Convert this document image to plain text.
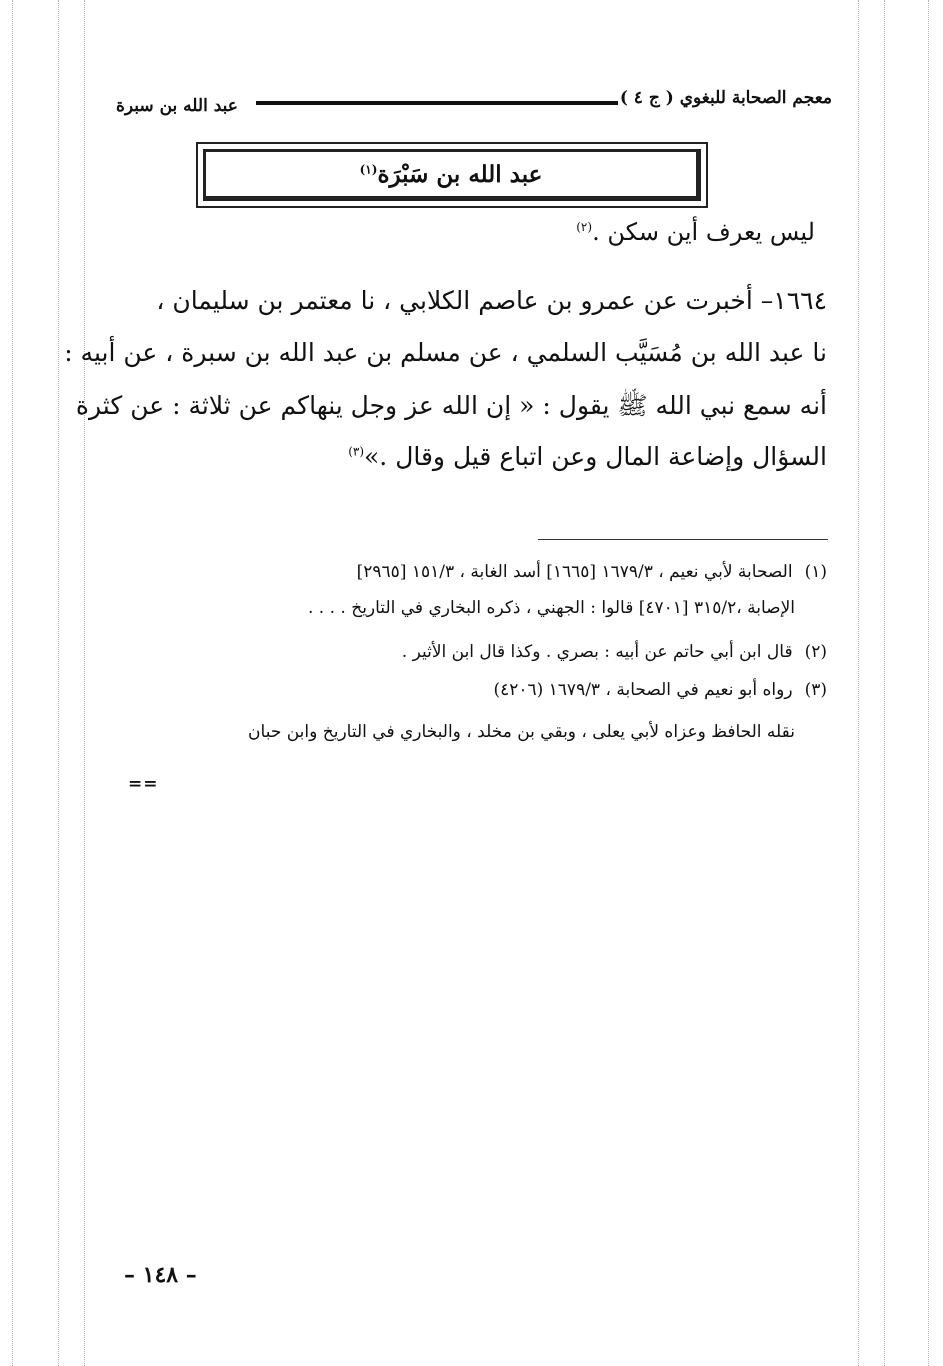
معجم الصحابة للبغوي ( ج ٤ )
عبد الله بن سبرة
عبد الله بن سَبْرَة$^{(١)}$
ليس يعرف أين سكن .$^{(٢)}$
١٦٦٤– أخبرت عن عمرو بن عاصم الكلابي ، نا معتمر بن سليمان ،
نا عبد الله بن مُسَيَّب السلمي ، عن مسلم بن عبد الله بن سبرة ، عن أبيه :
أنه سمع نبي الله ﷺ يقول : « إن الله عز وجل ينهاكم عن ثلاثة : عن كثرة
السؤال وإضاعة المال وعن اتباع قيل وقال .»$^{(٣)}$
(١)الصحابة لأبي نعيم ، ١٦٧٩/٣ [١٦٦٥] أسد الغابة ، ١٥١/٣ [٢٩٦٥]
الإصابة ،٣١٥/٢ [٤٧٠١] قالوا : الجهني ، ذكره البخاري في التاريخ . . . .
(٢)قال ابن أبي حاتم عن أبيه : بصري . وكذا قال ابن الأثير .
(٣)رواه أبو نعيم في الصحابة ، ١٦٧٩/٣ (٤٢٠٦)
نقله الحافظ وعزاه لأبي يعلى ، وبقي بن مخلد ، والبخاري في التاريخ وابن حبان
==
– ١٤٨ –
